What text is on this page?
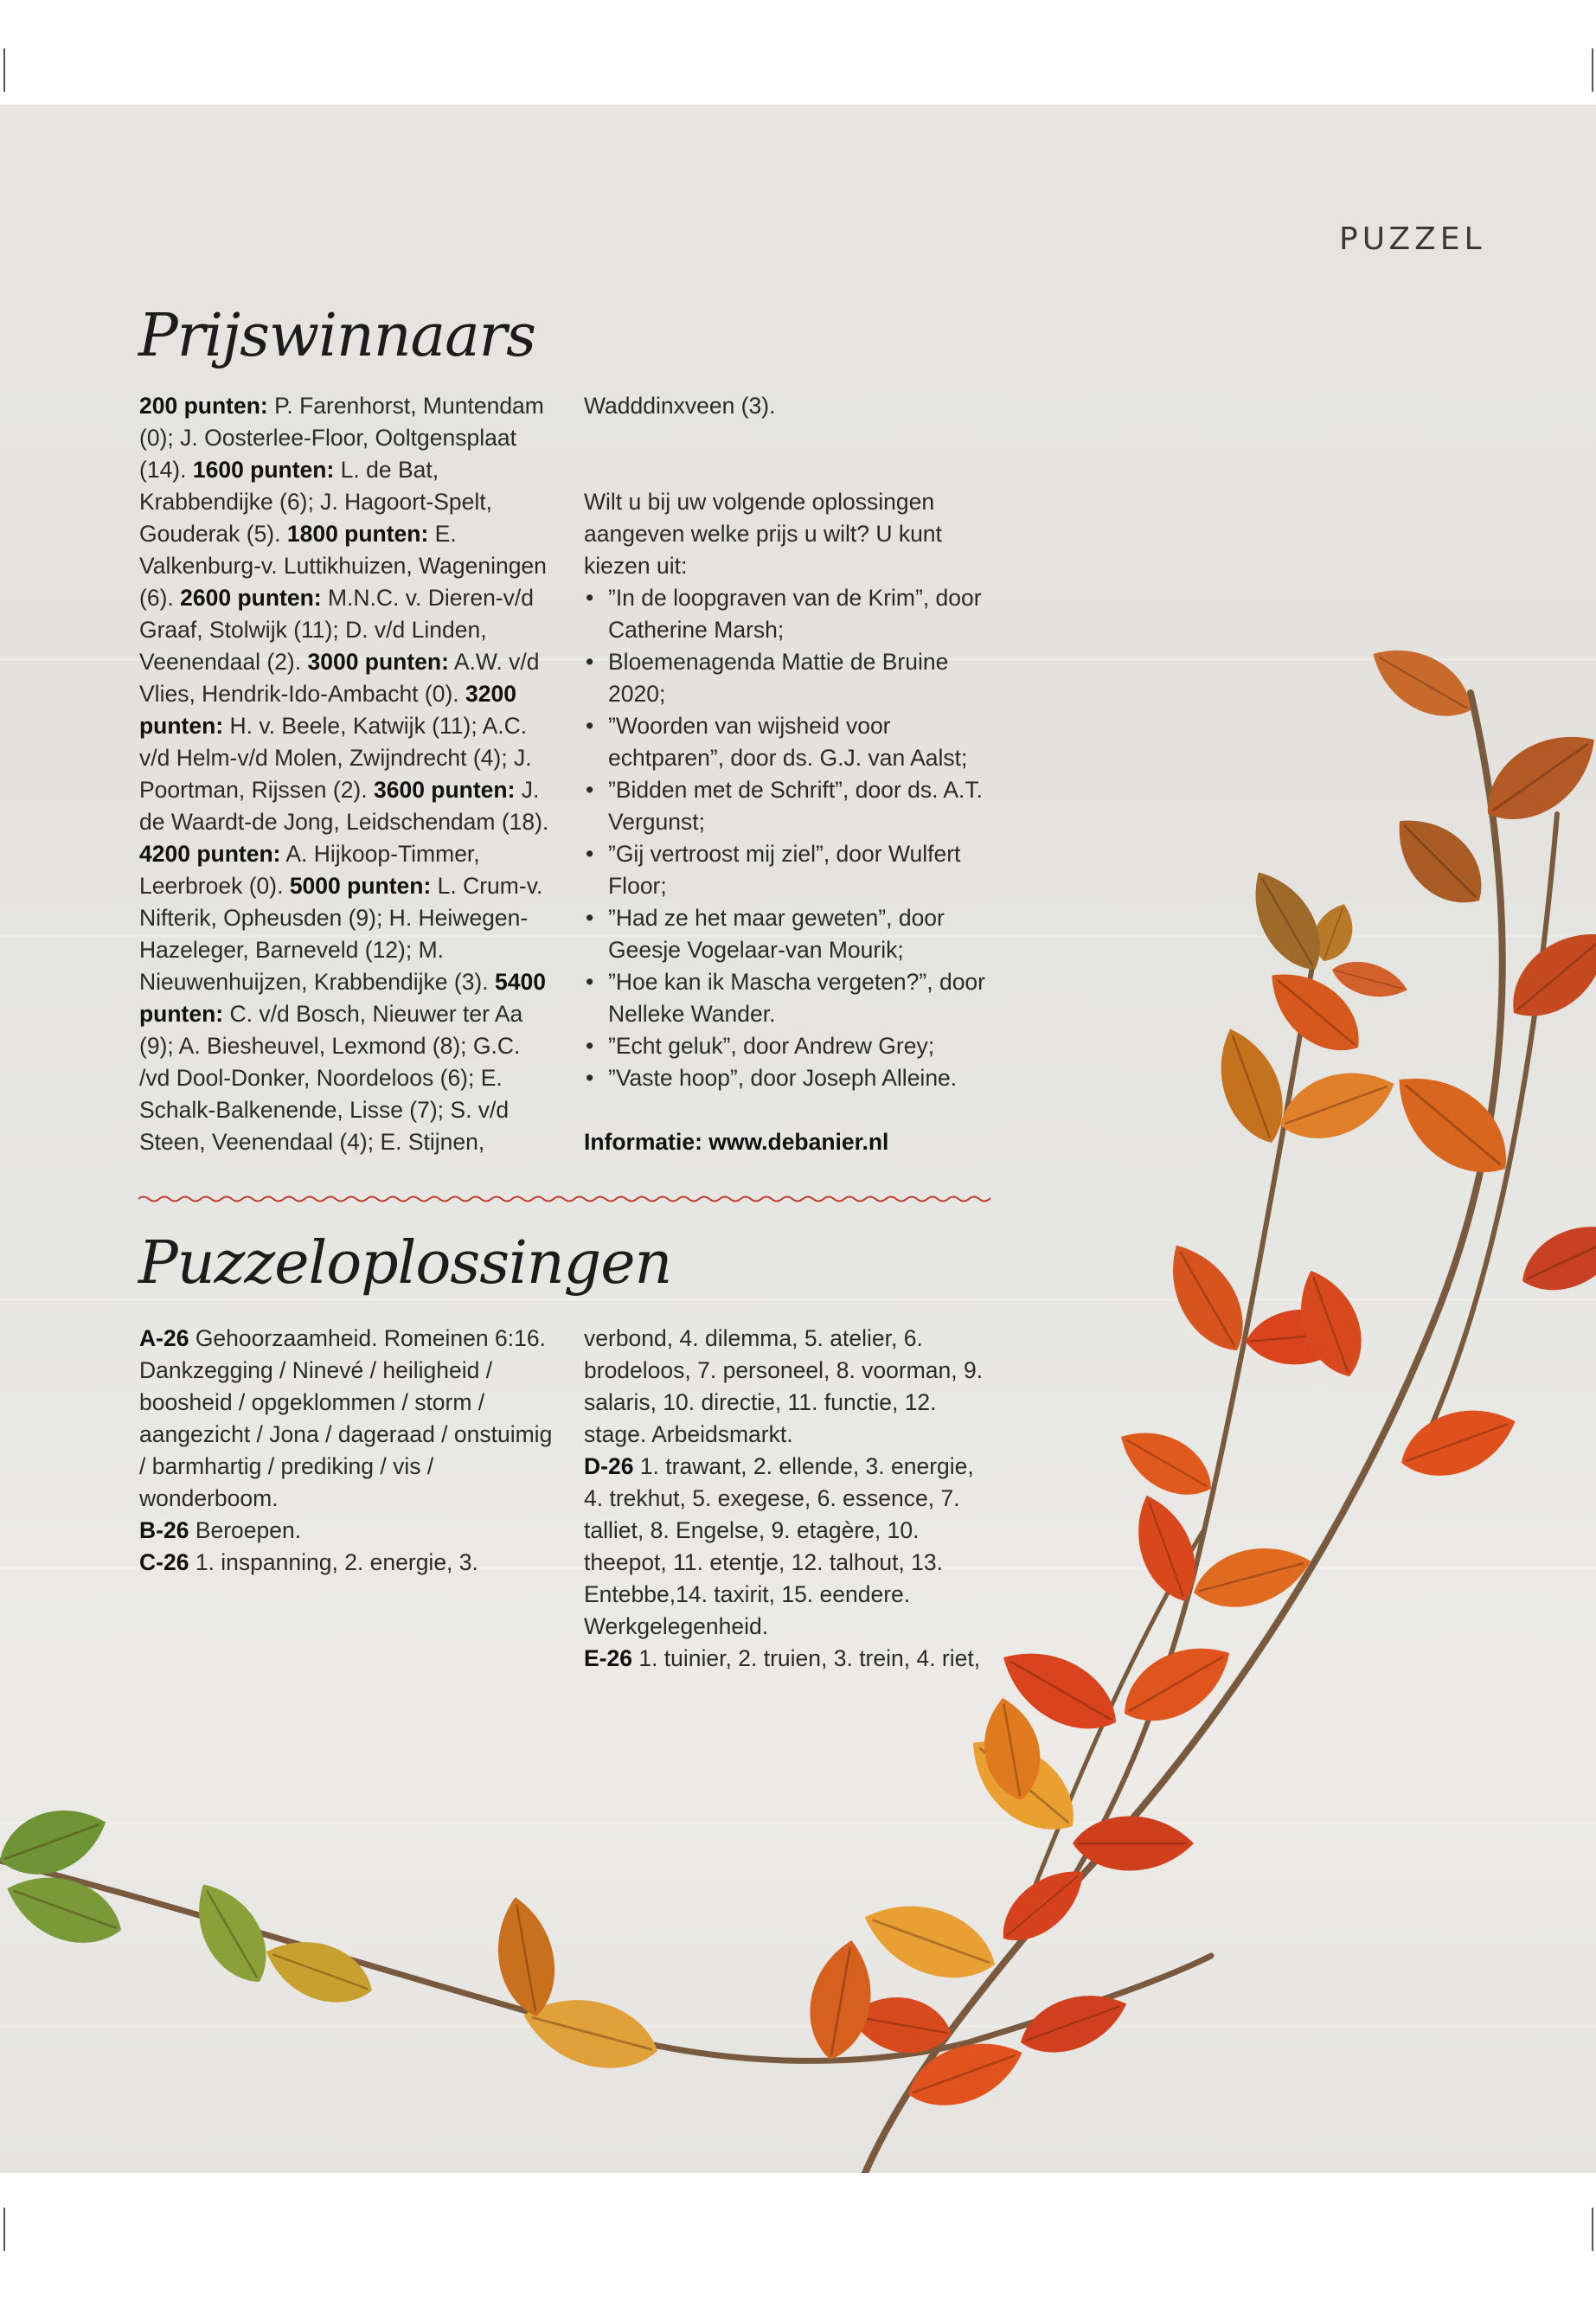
PUZZEL
Prijswinnaars

200 punten: P. Farenhorst, Muntendam (0); J. Oosterlee-Floor, Ooltgensplaat (14). 1600 punten: L. de Bat, Krabbendijke (6); J. Hagoort-Spelt, Gouderak (5). 1800 punten: E. Valkenburg-v. Luttikhuizen, Wageningen (6). 2600 punten: M.N.C. v. Dieren-v/d Graaf, Stolwijk (11); D. v/d Linden, Veenendaal (2). 3000 punten: A.W. v/d Vlies, Hendrik-Ido-Ambacht (0). 3200 punten: H. v. Beele, Katwijk (11); A.C. v/d Helm-v/d Molen, Zwijndrecht (4); J. Poortman, Rijssen (2). 3600 punten: J. de Waardt-de Jong, Leidschendam (18). 4200 punten: A. Hijkoop-Timmer, Leerbroek (0). 5000 punten: L. Crum-v. Nifterik, Opheusden (9); H. Heiwegen-Hazeleger, Barneveld (12); M. Nieuwenhuijzen, Krabbendijke (3). 5400 punten: C. v/d Bosch, Nieuwer ter Aa (9); A. Biesheuvel, Lexmond (8); G.C. /vd Dool-Donker, Noordeloos (6); E. Schalk-Balkenende, Lisse (7); S. v/d Steen, Veenendaal (4); E. Stijnen,

Wadddinxveen (3).

Wilt u bij uw volgende oplossingen aangeven welke prijs u wilt? U kunt kiezen uit:

• ”In de loopgraven van de Krim”, door Catherine Marsh;
• Bloemenagenda Mattie de Bruine 2020;
• ”Woorden van wijsheid voor echtparen”, door ds. G.J. van Aalst;
• ”Bidden met de Schrift”, door ds. A.T. Vergunst;
• ”Gij vertroost mij ziel”, door Wulfert Floor;
• ”Had ze het maar geweten”, door Geesje Vogelaar-van Mourik;
• ”Hoe kan ik Mascha vergeten?”, door Nelleke Wander.
• ”Echt geluk”, door Andrew Grey;
• ”Vaste hoop”, door Joseph Alleine.

Informatie: www.debanier.nl

Puzzeloplossingen

A-26 Gehoorzaamheid. Romeinen 6:16. Dankzegging / Ninevé / heiligheid / boosheid / opgeklommen / storm / aangezicht / Jona / dageraad / onstuimig / barmhartig / prediking / vis / wonderboom.
B-26 Beroepen.
C-26 1. inspanning, 2. energie, 3.

verbond, 4. dilemma, 5. atelier, 6. brodeloos, 7. personeel, 8. voorman, 9. salaris, 10. directie, 11. functie, 12. stage. Arbeidsmarkt.
D-26 1. trawant, 2. ellende, 3. energie, 4. trekhut, 5. exegese, 6. essence, 7. talliet, 8. Engelse, 9. etagère, 10. theepot, 11. etentje, 12. talhout, 13. Entebbe,14. taxirit, 15. eendere. Werkgelegenheid.
E-26 1. tuinier, 2. truien, 3. trein, 4. riet,
